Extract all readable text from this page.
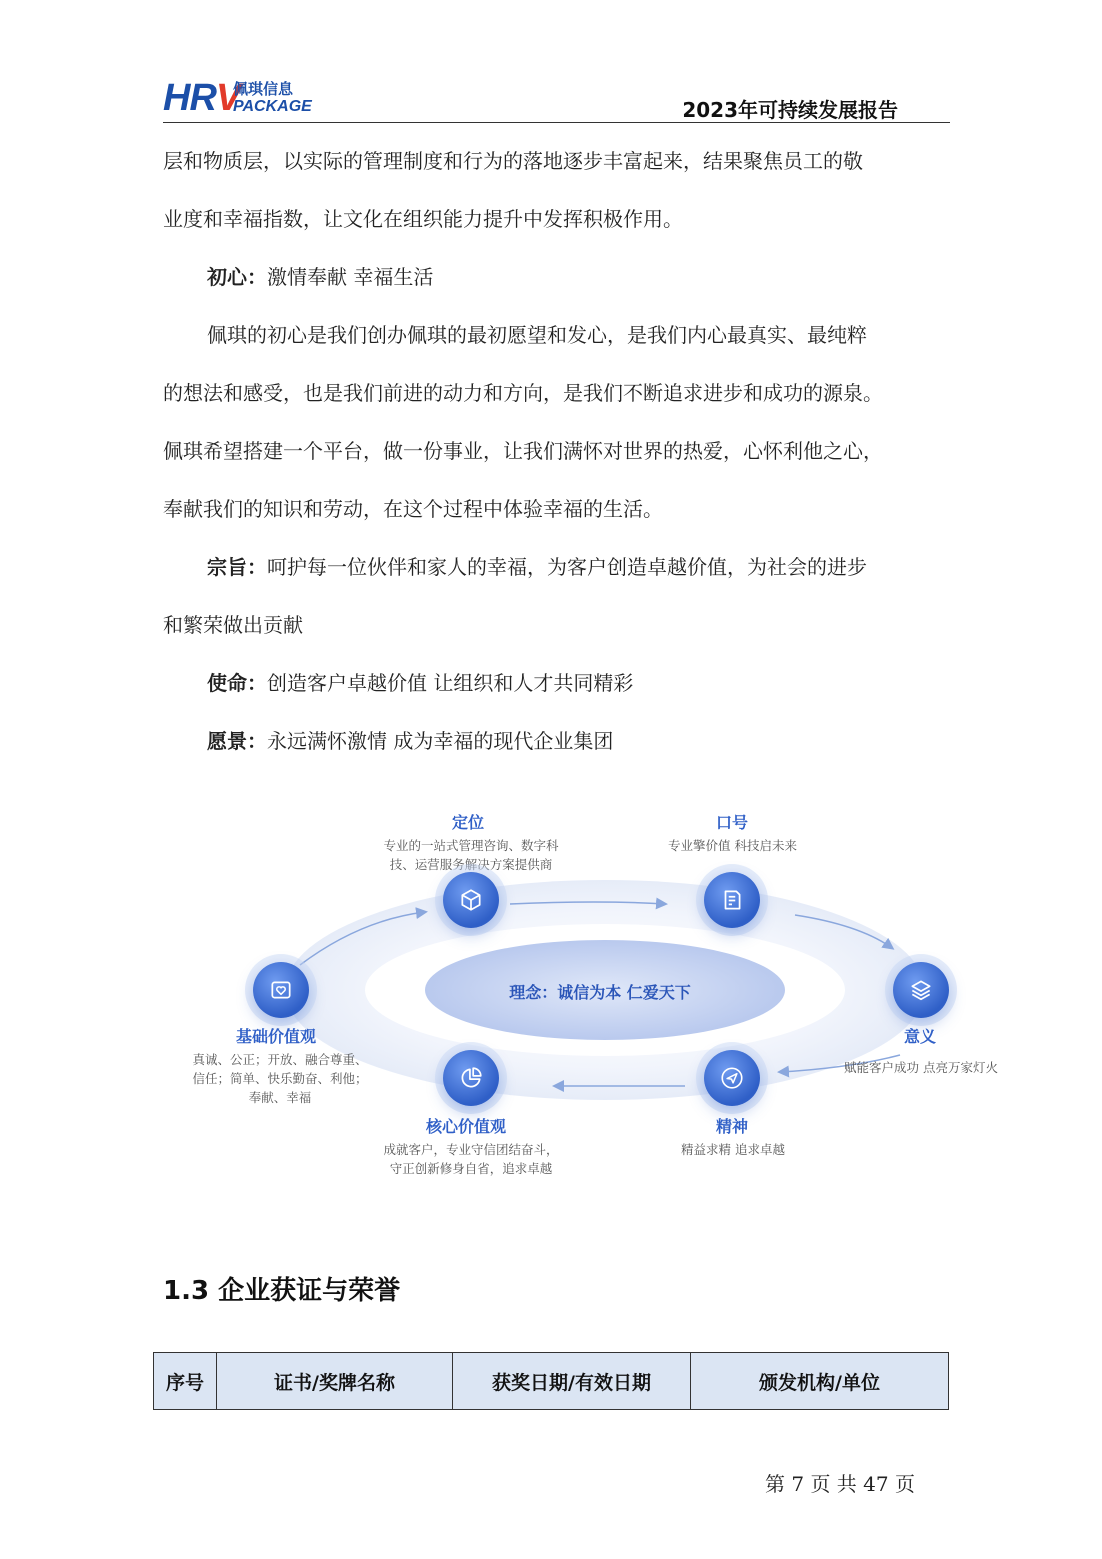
HRV
佩琪信息
PACKAGE	2023年可持续发展报告

层和物质层，以实际的管理制度和行为的落地逐步丰富起来，结果聚焦员工的敬

业度和幸福指数，让文化在组织能力提升中发挥积极作用。

初心：激情奉献 幸福生活

佩琪的初心是我们创办佩琪的最初愿望和发心，是我们内心最真实、最纯粹

的想法和感受，也是我们前进的动力和方向，是我们不断追求进步和成功的源泉。

佩琪希望搭建一个平台，做一份事业，让我们满怀对世界的热爱，心怀利他之心，

奉献我们的知识和劳动，在这个过程中体验幸福的生活。

宗旨：呵护每一位伙伴和家人的幸福，为客户创造卓越价值，为社会的进步

和繁荣做出贡献

使命：创造客户卓越价值 让组织和人才共同精彩

愿景：永远满怀激情 成为幸福的现代企业集团

理念：诚信为本 仁爱天下
定位
专业的一站式管理咨询、数字科
技、运营服务解决方案提供商
口号
专业擎价值 科技启未来
意义
赋能客户成功 点亮万家灯火
精神
精益求精 追求卓越
核心价值观
成就客户，专业守信团结奋斗，
守正创新修身自省，追求卓越
基础价值观
真诚、公正；开放、融合尊重、
信任；简单、快乐勤奋、利他；
奉献、幸福
1.3 企业获证与荣誉
序号	证书/奖牌名称	获奖日期/有效日期	颁发机构/单位
第 7 页 共 47 页
